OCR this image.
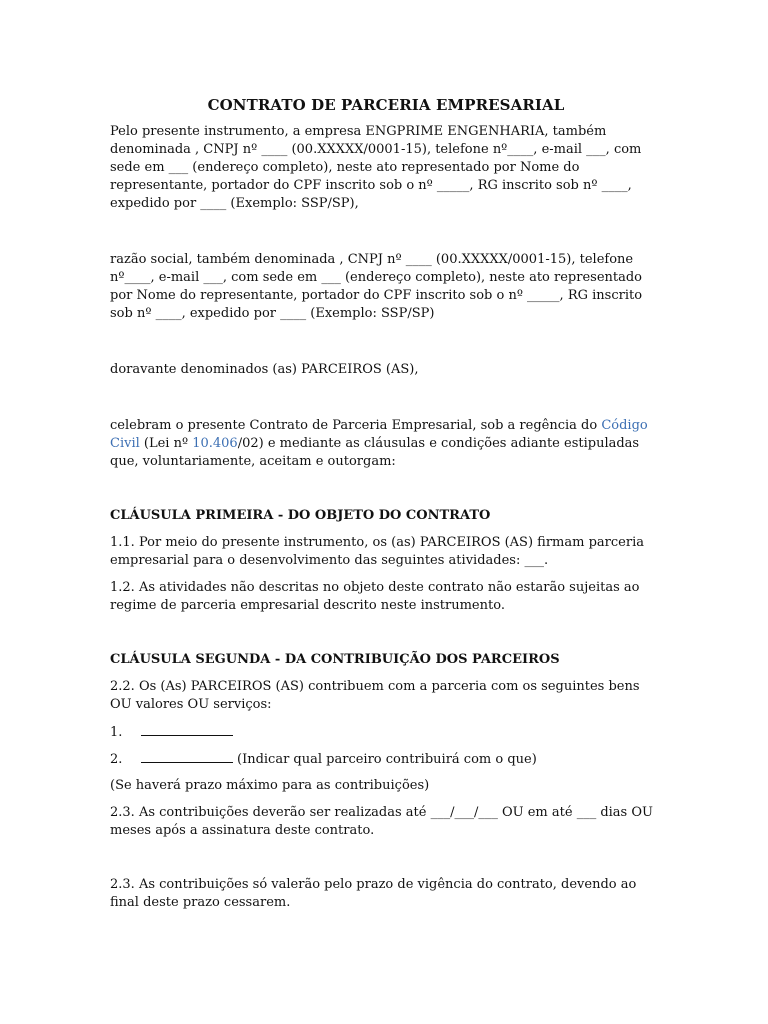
CONTRATO DE PARCERIA EMPRESARIAL

Pelo presente instrumento, a empresa ENGPRIME ENGENHARIA, também denominada , CNPJ nº ____ (00.XXXXX/0001-15), telefone nº____, e-mail ___, com sede em ___ (endereço completo), neste ato representado por Nome do representante, portador do CPF inscrito sob o nº _____, RG inscrito sob nº ____, expedido por ____ (Exemplo: SSP/SP),

razão social, também denominada , CNPJ nº ____ (00.XXXXX/0001-15), telefone nº____, e-mail ___, com sede em ___ (endereço completo), neste ato representado por Nome do representante, portador do CPF inscrito sob o nº _____, RG inscrito sob nº ____, expedido por ____ (Exemplo: SSP/SP)

doravante denominados (as) PARCEIROS (AS),

celebram o presente Contrato de Parceria Empresarial, sob a regência do Código Civil (Lei nº 10.406/02) e mediante as cláusulas e condições adiante estipuladas que, voluntariamente, aceitam e outorgam:

CLÁUSULA PRIMEIRA - DO OBJETO DO CONTRATO

1.1. Por meio do presente instrumento, os (as) PARCEIROS (AS) firmam parceria empresarial para o desenvolvimento das seguintes atividades: ___.

1.2. As atividades não descritas no objeto deste contrato não estarão sujeitas ao regime de parceria empresarial descrito neste instrumento.

CLÁUSULA SEGUNDA - DA CONTRIBUIÇÃO DOS PARCEIROS

2.2. Os (As) PARCEIROS (AS) contribuem com a parceria com os seguintes bens OU valores OU serviços:

1.
2.	(Indicar qual parceiro contribuirá com o que)

(Se haverá prazo máximo para as contribuições)

2.3. As contribuições deverão ser realizadas até ___/___/___ OU em até ___ dias OU meses após a assinatura deste contrato.

2.3. As contribuições só valerão pelo prazo de vigência do contrato, devendo ao final deste prazo cessarem.
